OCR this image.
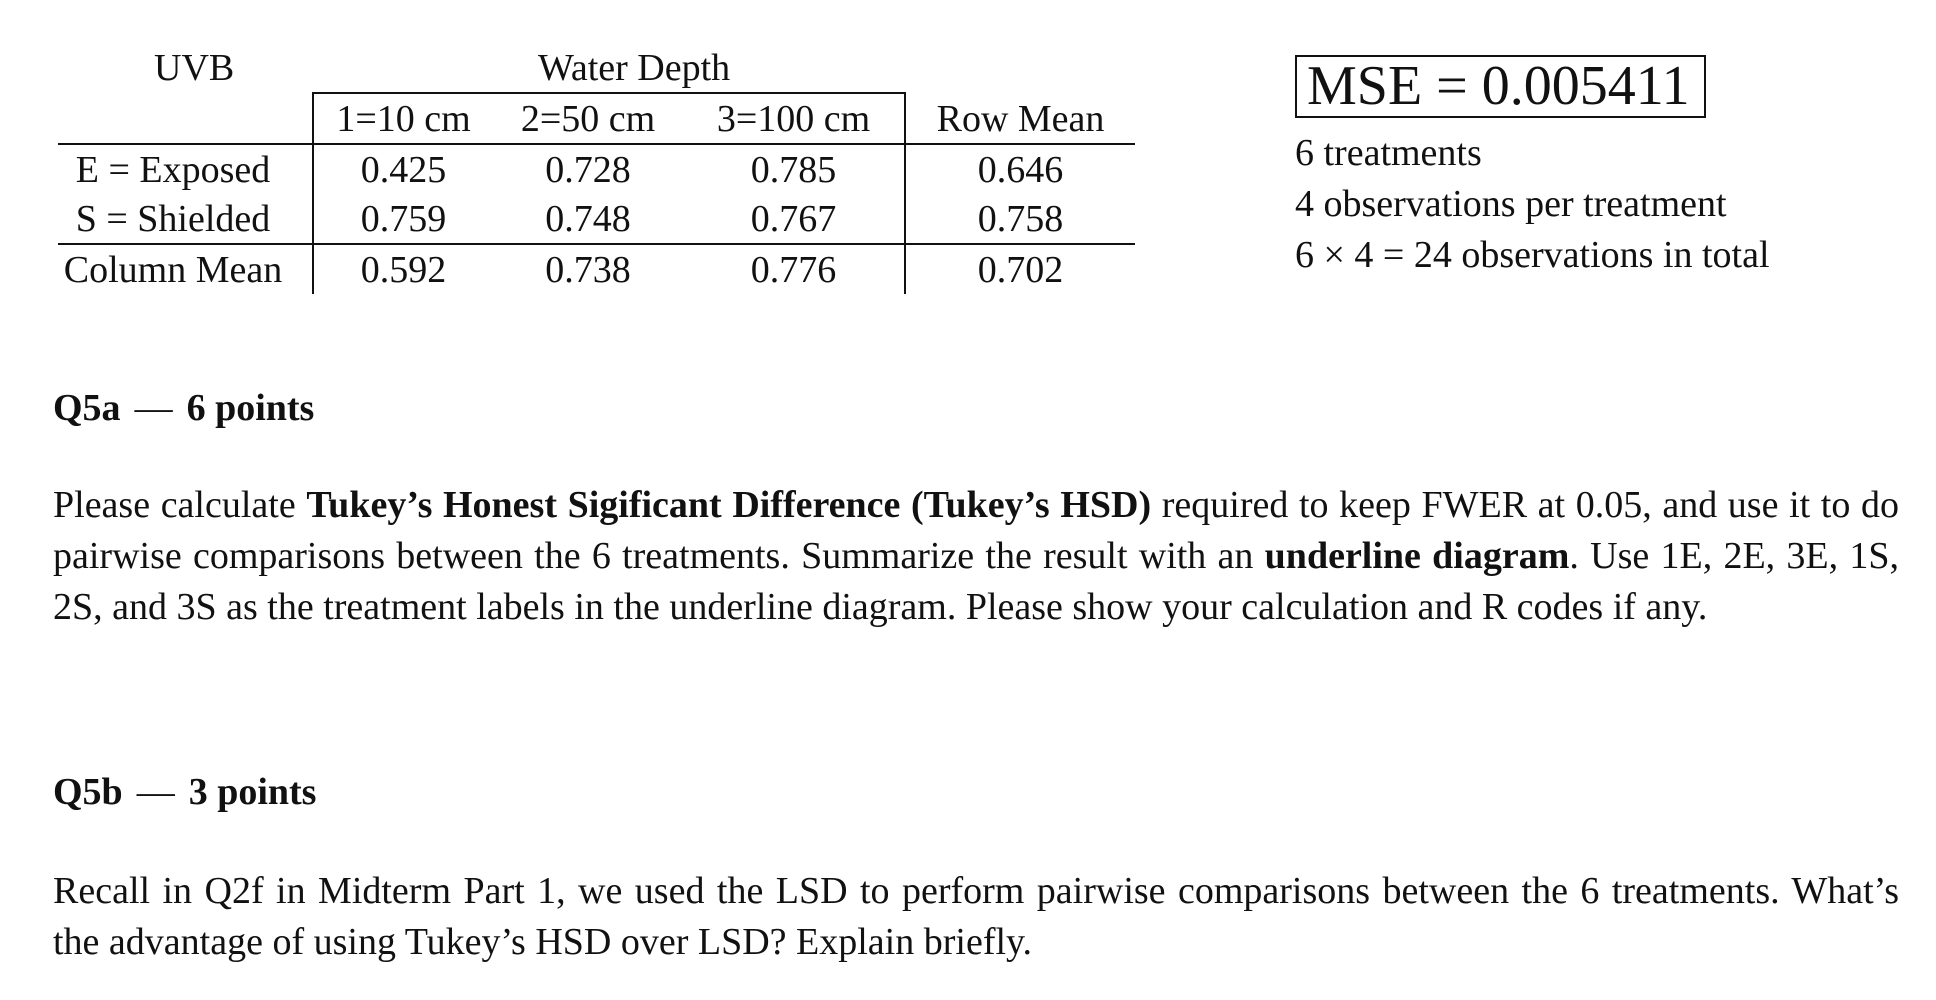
UVB	Water Depth
	1=10 cm	2=50 cm	3=100 cm	Row Mean
E = Exposed	0.425	0.728	0.785	0.646
S = Shielded	0.759	0.748	0.767	0.758
Column Mean	0.592	0.738	0.776	0.702
MSE = 0.005411
6 treatments
4 observations per treatment
6 × 4 = 24 observations in total
Q5a — 6 points
Please calculate Tukey’s Honest Sigificant Difference (Tukey’s HSD) required to keep FWER at 0.05, and use it to do pairwise comparisons between the 6 treatments. Summarize the result with an underline diagram. Use 1E, 2E, 3E, 1S, 2S, and 3S as the treatment labels in the underline diagram. Please show your calculation and R codes if any.
Q5b — 3 points
Recall in Q2f in Midterm Part 1, we used the LSD to perform pairwise comparisons between the 6 treatments. What’s the advantage of using Tukey’s HSD over LSD? Explain briefly.
